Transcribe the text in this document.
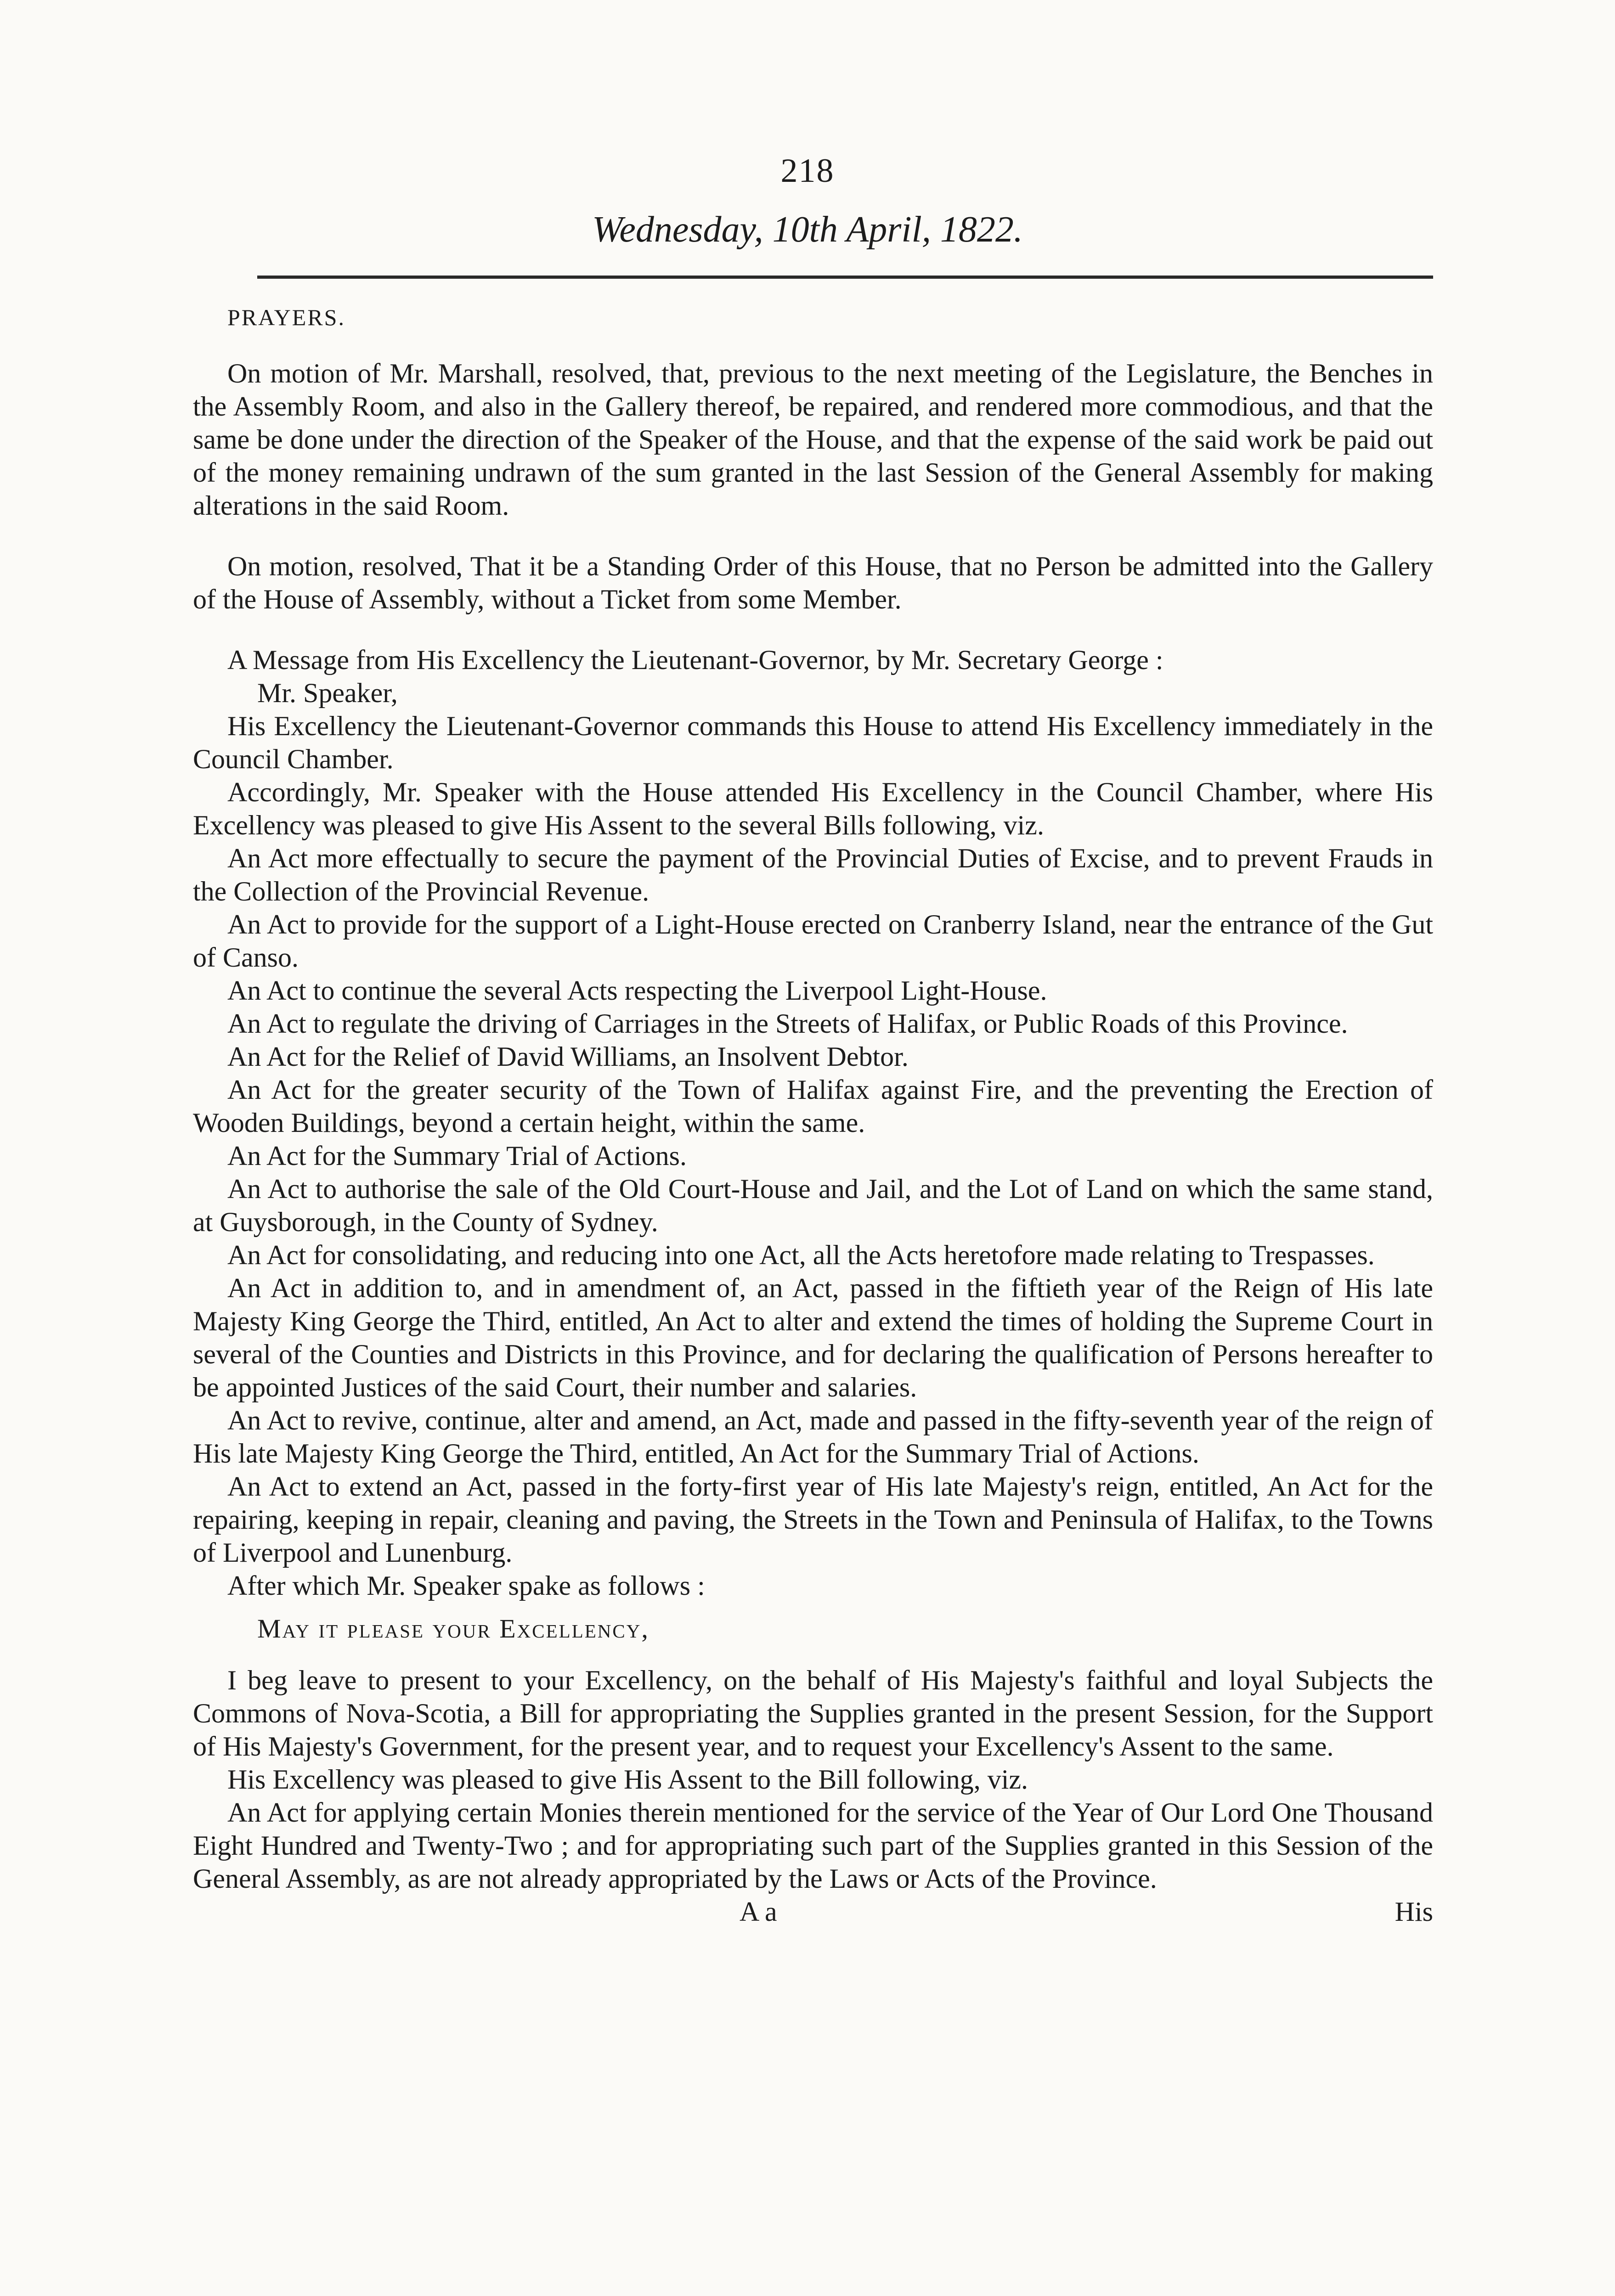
218
Wednesday, 10th April, 1822.
PRAYERS.

On motion of Mr. Marshall, resolved, that, previous to the next meeting of the Legislature, the Benches in the Assembly Room, and also in the Gallery thereof, be repaired, and rendered more commodious, and that the same be done under the direction of the Speaker of the House, and that the expense of the said work be paid out of the money remaining undrawn of the sum granted in the last Session of the General Assembly for making alterations in the said Room.

On motion, resolved, That it be a Standing Order of this House, that no Person be admitted into the Gallery of the House of Assembly, without a Ticket from some Member.

A Message from His Excellency the Lieutenant-Governor, by Mr. Secretary George :

Mr. Speaker,

His Excellency the Lieutenant-Governor commands this House to attend His Excellency immediately in the Council Chamber.

Accordingly, Mr. Speaker with the House attended His Excellency in the Council Chamber, where His Excellency was pleased to give His Assent to the several Bills following, viz.

An Act more effectually to secure the payment of the Provincial Duties of Excise, and to prevent Frauds in the Collection of the Provincial Revenue.

An Act to provide for the support of a Light-House erected on Cranberry Island, near the entrance of the Gut of Canso.

An Act to continue the several Acts respecting the Liverpool Light-House.

An Act to regulate the driving of Carriages in the Streets of Halifax, or Public Roads of this Province.

An Act for the Relief of David Williams, an Insolvent Debtor.

An Act for the greater security of the Town of Halifax against Fire, and the preventing the Erection of Wooden Buildings, beyond a certain height, within the same.

An Act for the Summary Trial of Actions.

An Act to authorise the sale of the Old Court-House and Jail, and the Lot of Land on which the same stand, at Guysborough, in the County of Sydney.

An Act for consolidating, and reducing into one Act, all the Acts heretofore made relating to Trespasses.

An Act in addition to, and in amendment of, an Act, passed in the fiftieth year of the Reign of His late Majesty King George the Third, entitled, An Act to alter and extend the times of holding the Supreme Court in several of the Counties and Districts in this Province, and for declaring the qualification of Persons hereafter to be appointed Justices of the said Court, their number and salaries.

An Act to revive, continue, alter and amend, an Act, made and passed in the fifty-seventh year of the reign of His late Majesty King George the Third, entitled, An Act for the Summary Trial of Actions.

An Act to extend an Act, passed in the forty-first year of His late Majesty's reign, entitled, An Act for the repairing, keeping in repair, cleaning and paving, the Streets in the Town and Peninsula of Halifax, to the Towns of Liverpool and Lunenburg.

After which Mr. Speaker spake as follows :

May it please your Excellency,

I beg leave to present to your Excellency, on the behalf of His Majesty's faithful and loyal Subjects the Commons of Nova-Scotia, a Bill for appropriating the Supplies granted in the present Session, for the Support of His Majesty's Government, for the present year, and to request your Excellency's Assent to the same.

His Excellency was pleased to give His Assent to the Bill following, viz.

An Act for applying certain Monies therein mentioned for the service of the Year of Our Lord One Thousand Eight Hundred and Twenty-Two ; and for appropriating such part of the Supplies granted in this Session of the General Assembly, as are not already appropriated by the Laws or Acts of the Province.

A a	His
